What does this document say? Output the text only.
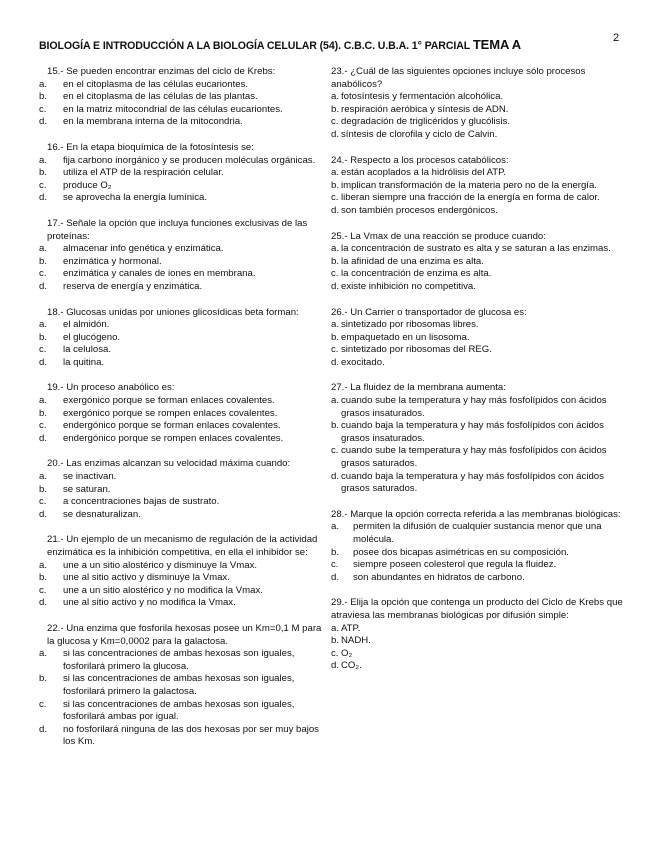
2
BIOLOGÍA E INTRODUCCIÓN A LA BIOLOGÍA CELULAR (54). C.B.C. U.B.A. 1° PARCIAL TEMA A
15.- Se pueden encontrar enzimas del ciclo de Krebs:
a.	en el citoplasma de las células eucariontes.
b.	en el citoplasma de las células de las plantas.
c.	en la matriz mitocondrial de las células eucariontes.
d.	en la membrana interna de la mitocondria.
16.- En la etapa bioquímica de la fotosíntesis se:
a.	fija carbono inorgánico y se producen moléculas orgánicas.
b.	utiliza el ATP de la respiración celular.
c.	produce O₂
d.	se aprovecha la energía lumínica.
17.- Señale la opción que incluya funciones exclusivas de las proteínas:
a.	almacenar info genética y enzimática.
b.	enzimática y hormonal.
c.	enzimática y canales de iones en membrana.
d.	reserva de energía y enzimática.
18.- Glucosas unidas por uniones glicosídicas beta forman:
a.	el almidón.
b.	el glucógeno.
c.	la celulosa.
d.	la quitina.
19.- Un proceso anabólico es:
a.	exergónico porque se forman enlaces covalentes.
b.	exergónico porque se rompen enlaces covalentes.
c.	endergónico porque se forman enlaces covalentes.
d.	endergónico porque se rompen enlaces covalentes.
20.- Las enzimas alcanzan su velocidad máxima cuando:
a.	se inactivan.
b.	se saturan.
c.	a concentraciones bajas de sustrato.
d.	se desnaturalizan.
21.- Un ejemplo de un mecanismo de regulación de la actividad enzimática es la inhibición competitiva, en ella el inhibidor se:
a.	une a un sitio alostérico y disminuye la Vmax.
b.	une al sitio activo y disminuye la Vmax.
c.	une a un sitio alostérico y no modifica la Vmax.
d.	une al sitio activo y no modifica la Vmax.
22.- Una enzima que fosforila hexosas posee un Km=0,1 M para la glucosa y Km=0,0002 para la galactosa.
a.	si las concentraciones de ambas hexosas son iguales, fosforilará primero la glucosa.
b.	si las concentraciones de ambas hexosas son iguales, fosforilará primero la galactosa.
c.	si las concentraciones de ambas hexosas son iguales, fosforilará ambas por igual.
d.	no fosforilará ninguna de las dos hexosas por ser muy bajos los Km.
23.- ¿Cuál de las siguientes opciones incluye sólo procesos anabólicos?
a. fotosíntesis y fermentación alcohólica.
b. respiración aeróbica y síntesis de ADN.
c. degradación de triglicéridos y glucólisis.
d. síntesis de clorofila y ciclo de Calvin.
24.- Respecto a los procesos catabólicos:
a. están acoplados a la hidrólisis del ATP.
b. implican transformación de la materia pero no de la energía.
c. liberan siempre una fracción de la energía en forma de calor.
d. son también procesos endergónicos.
25.- La Vmax de una reacción se produce cuando:
a. la concentración de sustrato es alta y se saturan a las enzimas.
b. la afinidad de una enzima es alta.
c. la concentración de enzima es alta.
d. existe inhibición no competitiva.
26.- Un Carrier o transportador de glucosa es:
a. sintetizado por ribosomas libres.
b. empaquetado en un lisosoma.
c. sintetizado por ribosomas del REG.
d. exocitado.
27.- La fluidez de la membrana aumenta:
a. cuando sube la temperatura y hay más fosfolípidos con ácidos grasos insaturados.
b. cuando baja la temperatura y hay más fosfolípidos con ácidos grasos insaturados.
c. cuando sube la temperatura y hay más fosfolípidos con ácidos grasos saturados.
d. cuando baja la temperatura y hay más fosfolípidos con ácidos grasos saturados.
28.- Marque la opción correcta referida a las membranas biológicas:
a.	permiten la difusión de cualquier sustancia menor que una molécula.
b.	posee dos bicapas asimétricas en su composición.
c.	siempre poseen colesterol que regula la fluidez.
d.	son abundantes en hidratos de carbono.
29.- Elija la opción que contenga un producto del Ciclo de Krebs que atraviesa las membranas biológicas por difusión simple:
a. ATP.
b. NADH.
c. O₂
d. CO₂.
